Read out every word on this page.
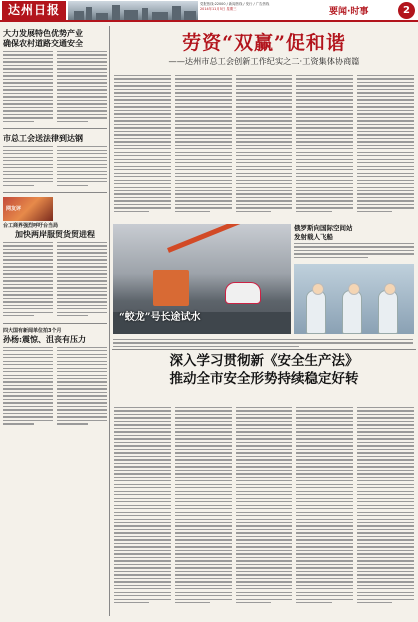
达州日报	党报热线:22000 / 新闻热线 / 发行 / 广告热线
2014年11月5日 星期三	要闻·时事	2
大力发展特色优势产业
确保农村道路交通安全
市总工会送法律到达钢
网友评
台工商界强烈呼吁台当局
加快两岸服贸货贸进程
四大国有新闻单位拍3个月
孙杨:震惊、沮丧有压力
劳资“双赢”促和谐
——达州市总工会创新工作纪实之二·工资集体协商篇
“蛟龙”号长途试水
俄罗斯向国际空间站
发射载人飞船
深入学习贯彻新《安全生产法》
推动全市安全形势持续稳定好转
